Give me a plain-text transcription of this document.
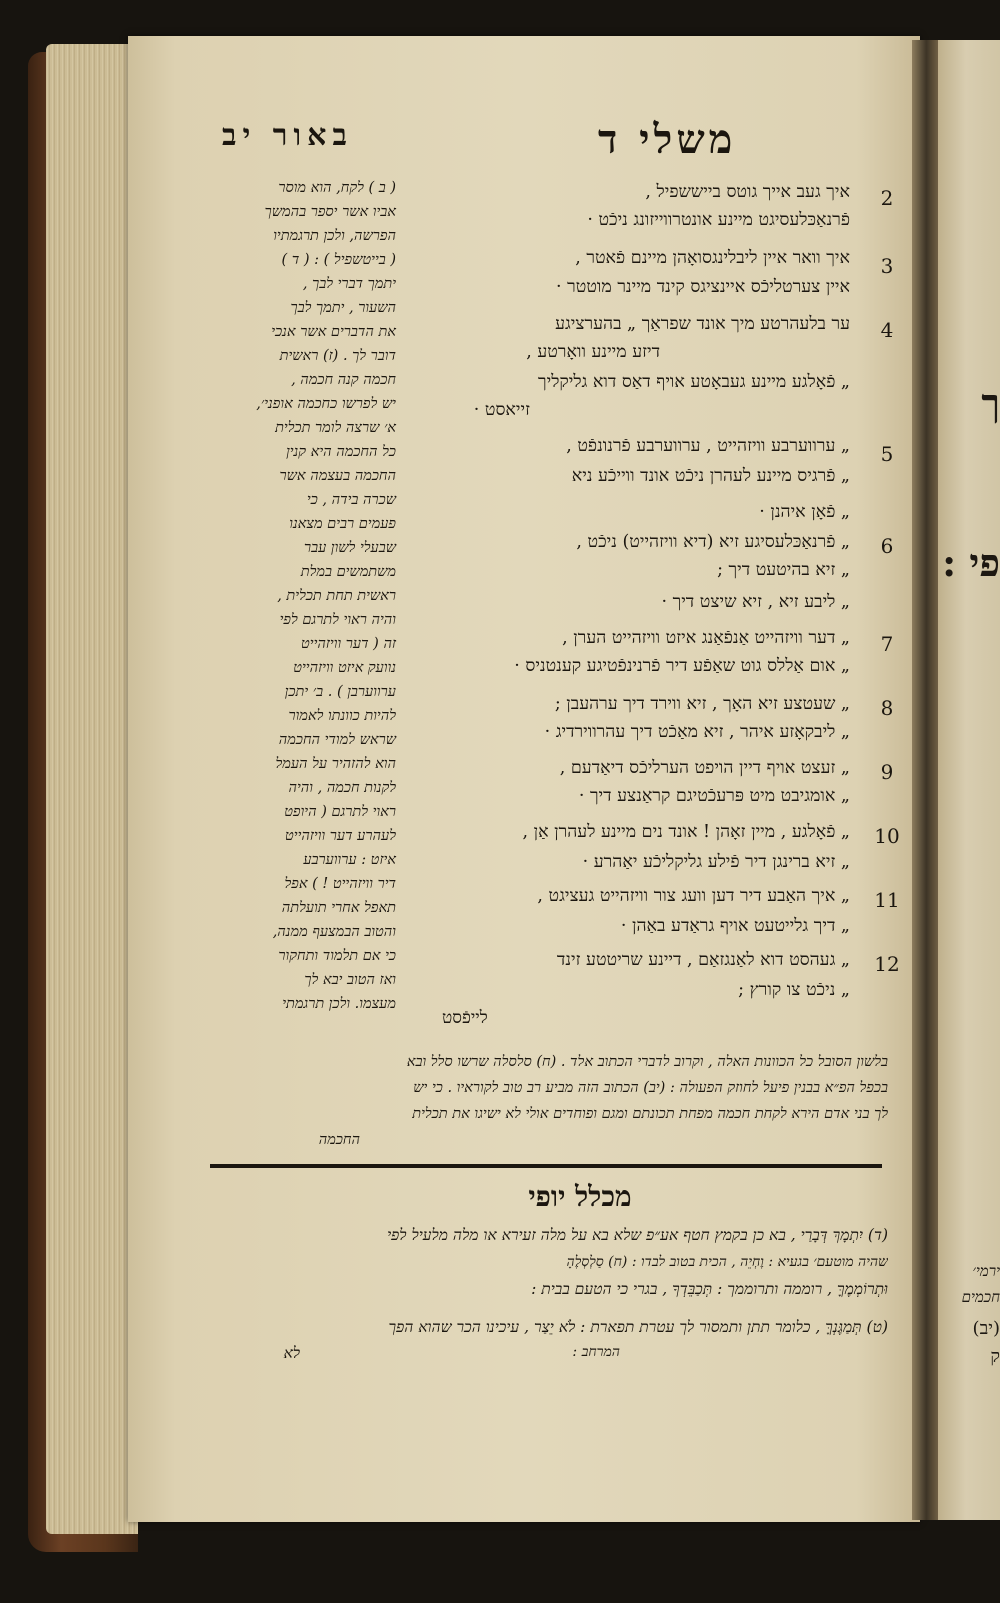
ך
פי :
ירמי׳
חכמים
(יב)
ק
משלי ד
באור יב
( ב ) לקח, הוא מוסר
אביו אשר יספר בהמשך
הפרשה, ולכן תרגמתיו
( בייטשפיל ) : ( ד )
יתמך דברי לבך ,
השעור , יתמך לבך
את הדברים אשר אנכי
דובר לך . (ז) ראשית
חכמה קנה חכמה ,
יש לפרשו כחכמה אופני׳,
א׳ שרצה לומר תכלית
כל החכמה היא קנין
החכמה בעצמה אשר
שכרה בידה , כי
פעמים רבים מצאנו
שבעלי לשון עבר
משתמשים במלת
ראשית תחת תכלית ,
והיה ראוי לתרגם לפי
זה ( דער וויזהייט
נוועק איזט וויזהייט
ערווערבן ) . ב׳ יתכן
להיות כוונתו לאמור
שראש למודי החכמה
הוא להזהיר על העמל
לקנות חכמה , והיה
ראוי לתרגם ( היופט
לעהרע דער וויזהייט
איזט : ערווערבע
דיר וויזהייט ! ) אפל
תאפל אחרי תועלתה
והטוב הבמצעף ממנה,
כי אם תלמוד ותחקור
ואז הטוב יבא לך
מעצמו. ולכן תרגמתי
2
3
4
5
6
7
8
9
10
11
12
איך געב אייך גוטס בייששפיל ,
פֿרנאַכּלעסיגט מיינע אונטרווייזונג ניכֿט ·
איך וואר איין ליבלינגסואָהן מיינם פֿאטר ,
איין צערטליכֿס איינציגס קינד מיינר מוטטר ·
ער בלעהרטע מיך אונד שפראַך „ בהערציגע
דיזע מיינע וואָרטע ,
„ פֿאָלגע מיינע געבאָטע אויף דאַס דוא גליקליך
זייאסט ·
„ ערווערבע וויזהייט , ערווערבע פֿרנונפֿט ,
„ פֿרגיס מיינע לעהרן ניכֿט אונד ווייכֿע ניא
„ פֿאָן איהנן ·
„ פֿרנאַכּלעסיגע זיא (דיא וויזהייט) ניכֿט ,
„ זיא בהיטעט דיך ;
„ ליבע זיא , זיא שיצט דיך ·
„ דער וויזהייט אַנפֿאַנג איזט וויזהייט הערן ,
„ אום אַללס גוט שאַפֿע דיר פֿרנינפֿטיגע קענטניס ·
„ שעטצע זיא האָך , זיא ווירד דיך ערהעבן ;
„ ליבקאָזע איהר , זיא מאַכֿט דיך עהרווירדיג ·
„ זעצט אויף דיין הויפט הערליכֿס דיאַדעם ,
„ אומגיבט מיט פּרעכֿטיגם קראַנצע דיך ·
„ פֿאָלגע , מיין זאָהן ! אונד נים מיינע לעהרן אַן ,
„ זיא ברינגן דיר פֿילע גליקליכֿע יאַהרע ·
„ איך האַבע דיר דען וועג צור וויזהייט געציגט ,
„ דיך גלייטעט אויף גראַדע באַהן ·
„ געהסט דוא לאַנגזאַם , דיינע שריטטע זינד
„ ניכֿט צו קורץ ;
לייפֿסט
בלשון הסובל כל הכוונות האלה , וקרוב לדברי הכתוב אלד . (ח) סלסלה שרשו סלל ובא
בכפל הפ״א בבנין פיעל לחוזק הפעולה : (יב) הכתוב הזה מביע רב טוב לקוראיו . כי יש
לך בני אדם הירא לקחת חכמה מפחת תכונתם ומגם ופוחדים אולי לא ישיגו את תכלית
החכמה
מכלל יופי
(ד) יִתְמָךְ דְּבָרַי , בא כן בקמץ חטף אע״פ שלא בא על מלה זעירא או מלה מלעיל לפי
שהיה מוטעם׳ בגעיא : וֶחְיֵה , הכית בטוב לבדו : (ח) סַלְסְלֶהָ
וּתְרוֹמְמֶךָּ , רוממה ותרוממך : תְּכַבֵּדְךָ , בגרי כי הטעם בבית :
(ט) תְּמַגֶּנְךָּ , כלומר תתן ותמסור לך עטרת תפארת : לֹא יֵצַר , עיכינו הכר שהוא הפך
המרחב :
לא
